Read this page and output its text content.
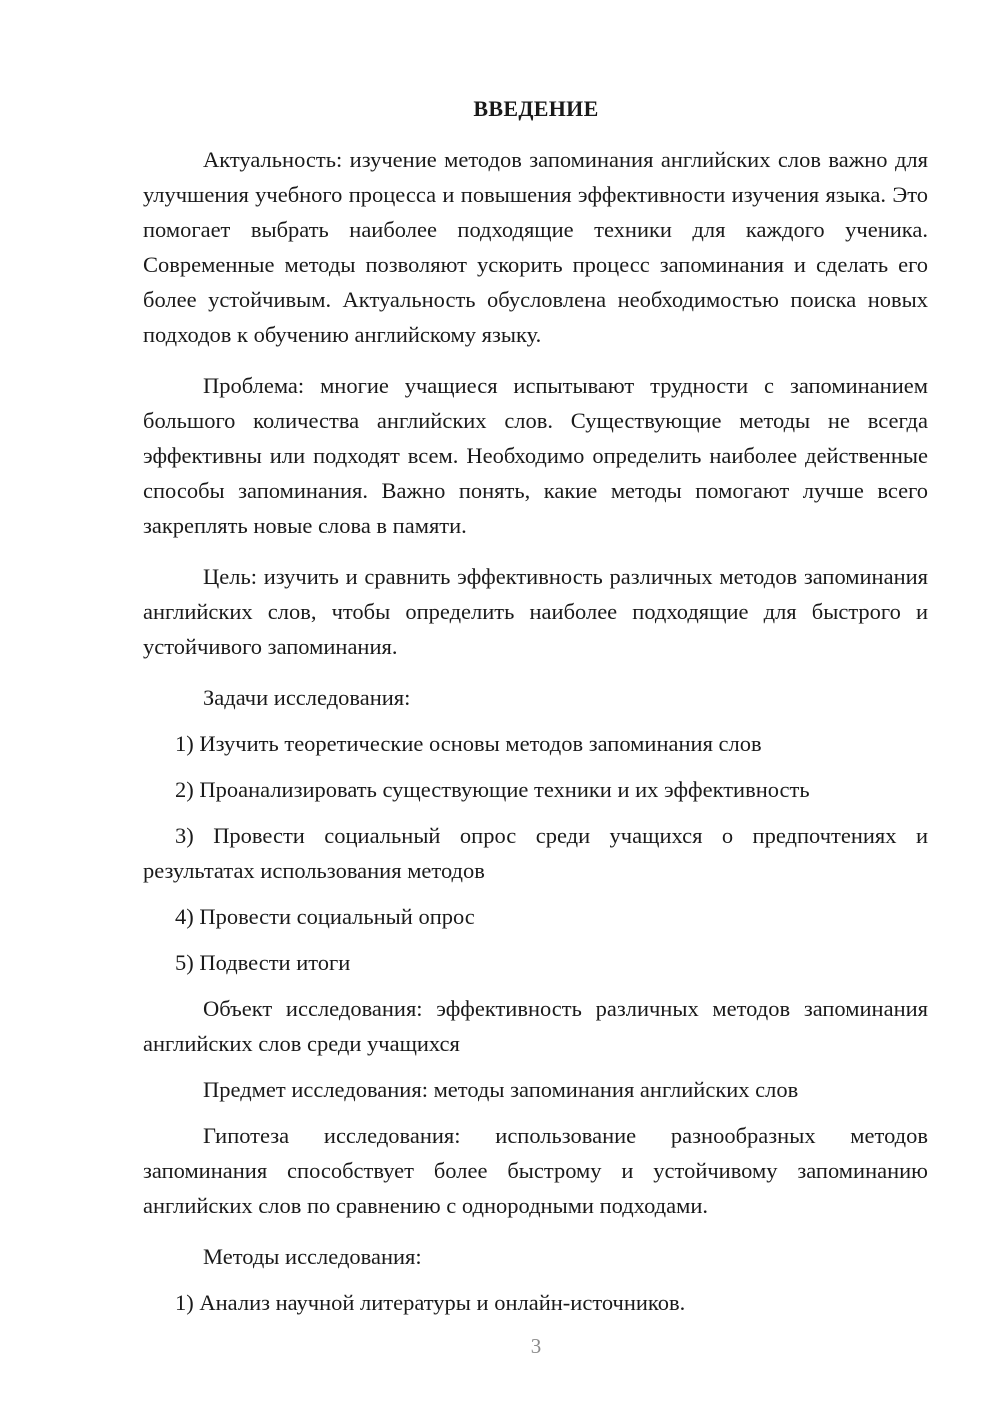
ВВЕДЕНИЕ

Актуальность: изучение методов запоминания английских слов важно для улучшения учебного процесса и повышения эффективности изучения языка. Это помогает выбрать наиболее подходящие техники для каждого ученика. Современные методы позволяют ускорить процесс запоминания и сделать его более устойчивым. Актуальность обусловлена необходимостью поиска новых подходов к обучению английскому языку.

Проблема: многие учащиеся испытывают трудности с запоминанием большого количества английских слов. Существующие методы не всегда эффективны или подходят всем. Необходимо определить наиболее действенные способы запоминания. Важно понять, какие методы помогают лучше всего закреплять новые слова в памяти.

Цель: изучить и сравнить эффективность различных методов запоминания английских слов, чтобы определить наиболее подходящие для быстрого и устойчивого запоминания.

Задачи исследования:

1) Изучить теоретические основы методов запоминания слов

2) Проанализировать существующие техники и их эффективность

3) Провести социальный опрос среди учащихся о предпочтениях и результатах использования методов

4) Провести социальный опрос

5) Подвести итоги

Объект исследования: эффективность различных методов запоминания английских слов среди учащихся

Предмет исследования: методы запоминания английских слов

Гипотеза исследования: использование разнообразных методов запоминания способствует более быстрому и устойчивому запоминанию английских слов по сравнению с однородными подходами.

Методы исследования:

1) Анализ научной литературы и онлайн-источников.

3
